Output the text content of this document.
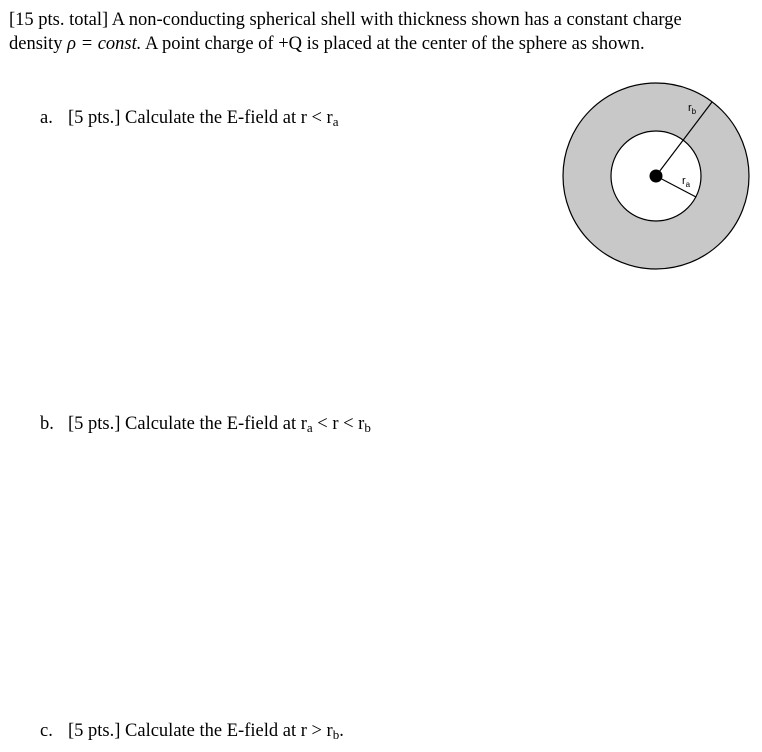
[15 pts. total] A non-conducting spherical shell with thickness shown has a constant charge density ρ = const. A point charge of +Q is placed at the center of the sphere as shown.
a. [5 pts.] Calculate the E-field at $r < r_a$
b. [5 pts.] Calculate the E-field at $r_a < r < r_b$
c. [5 pts.] Calculate the E-field at $r > r_b$.
$r_b$
$r_a$
